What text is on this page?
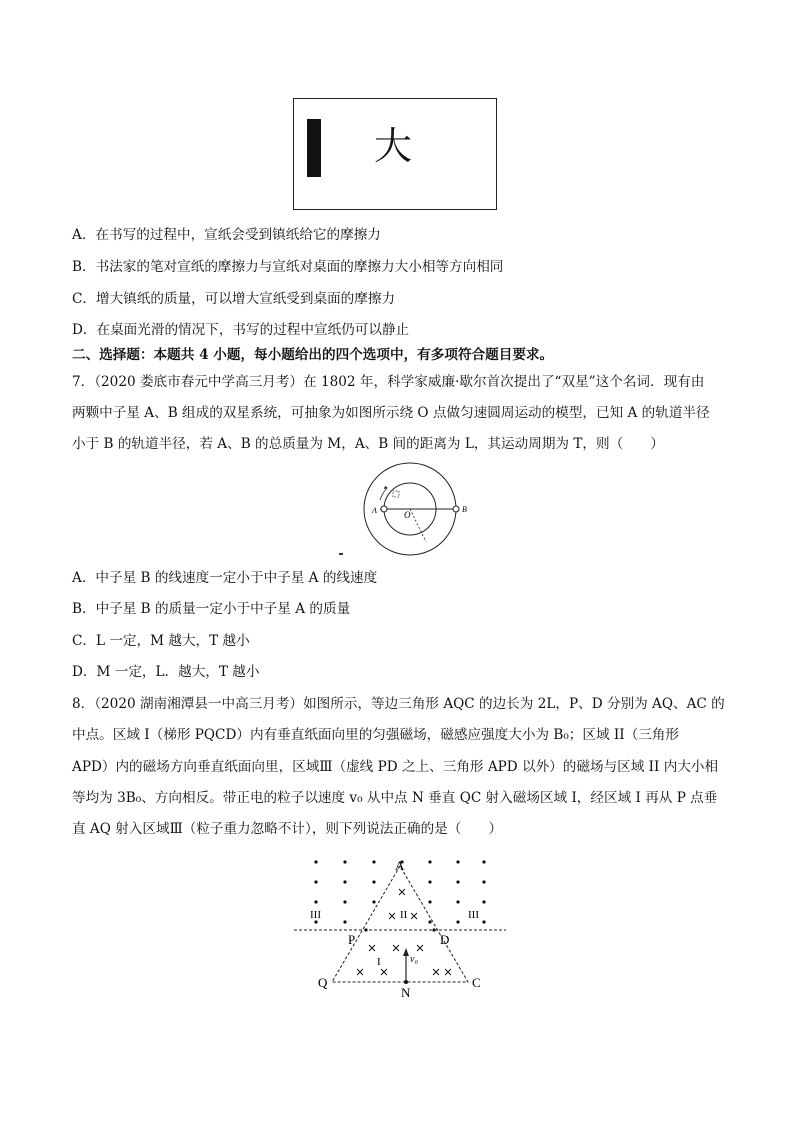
大
A．在书写的过程中，宣纸会受到镇纸给它的摩擦力
B．书法家的笔对宣纸的摩擦力与宣纸对桌面的摩擦力大小相等方向相同
C．增大镇纸的质量，可以增大宣纸受到桌面的摩擦力
D．在桌面光滑的情况下，书写的过程中宣纸仍可以静止
二、选择题：本题共 4 小题，每小题给出的四个选项中，有多项符合题目要求。
7．（2020 娄底市春元中学高三月考）在 1802 年，科学家威廉·歇尔首次提出了“双星”这个名词．现有由
两颗中子星 A、B 组成的双星系统，可抽象为如图所示绕 O 点做匀速圆周运动的模型，已知 A 的轨道半径
小于 B 的轨道半径，若 A、B 的总质量为 M，A、B 间的距离为 L，其运动周期为 T，则（　　）
A	O
B
A．中子星 B 的线速度一定小于中子星 A 的线速度
B．中子星 B 的质量一定小于中子星 A 的质量
C．L 一定，M 越大，T 越小
D．M 一定，L．越大，T 越小
8．（2020 湖南湘潭县一中高三月考）如图所示，等边三角形 AQC 的边长为 2L，P、D 分别为 AQ、AC 的
中点。区域 I（梯形 PQCD）内有垂直纸面向里的匀强磁场，磁感应强度大小为 B₀；区域 II（三角形
APD）内的磁场方向垂直纸面向里，区域Ⅲ（虚线 PD 之上、三角形 APD 以外）的磁场与区域 II 内大小相
等均为 3B₀、方向相反。带正电的粒子以速度 v₀ 从中点 N 垂直 QC 射入磁场区域 I，经区域 I 再从 P 点垂
直 AQ 射入区域Ⅲ（粒子重力忽略不计），则下列说法正确的是（　　）
A
P	D
Q	C
N
I
II
III	III
v₀
